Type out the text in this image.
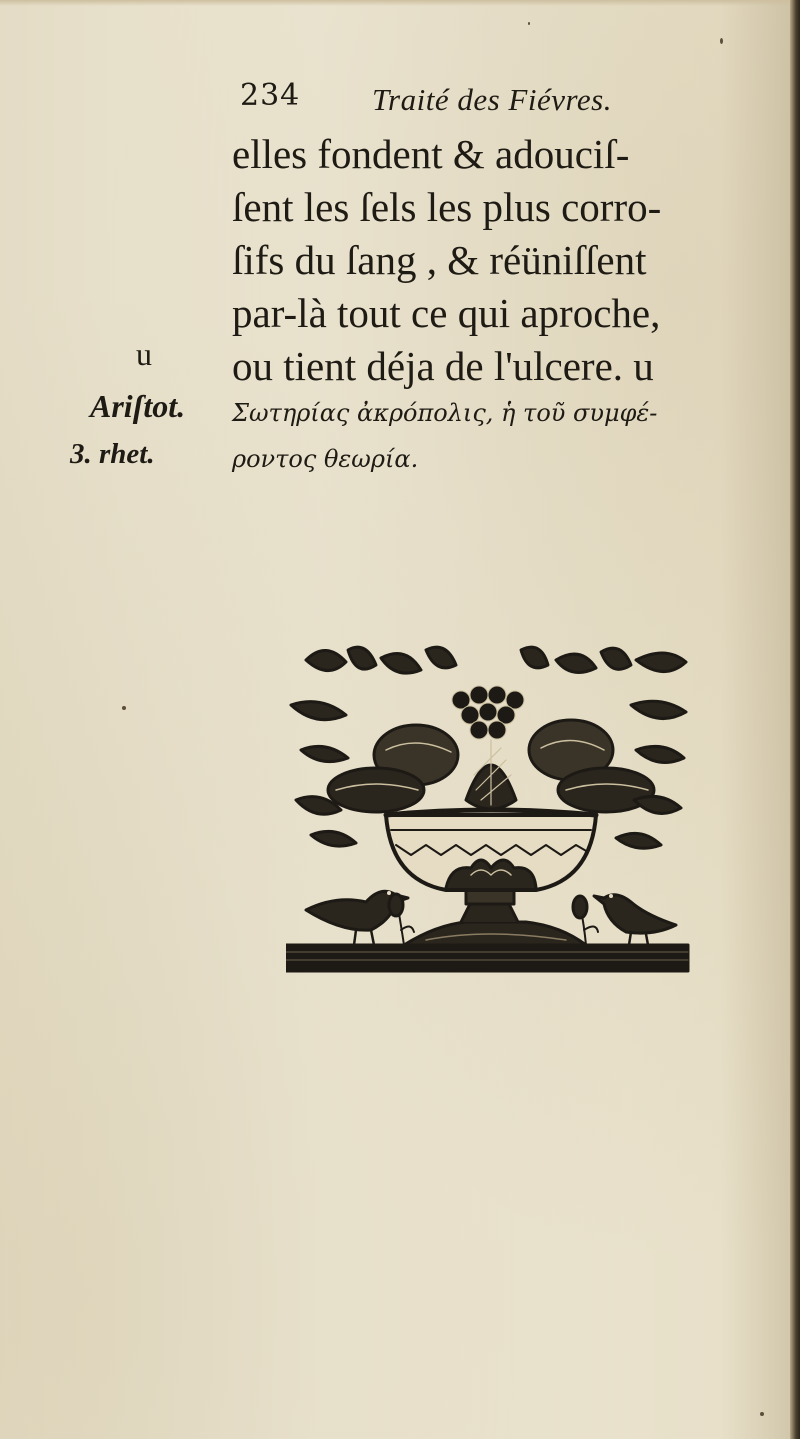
234 Traité des Fiévres.
elles fondent & adouciſ-
ſent les ſels les plus corro-
ſifs du ſang , & réüniſſent
par-là tout ce qui aproche,
ou tient déja de l'ulcere. u
Σωτηρίας ἀκρόπολις, ἡ τοῦ συμφέ-
ροντος θεωρία.
u
Ariſtot.
3. rhet.
